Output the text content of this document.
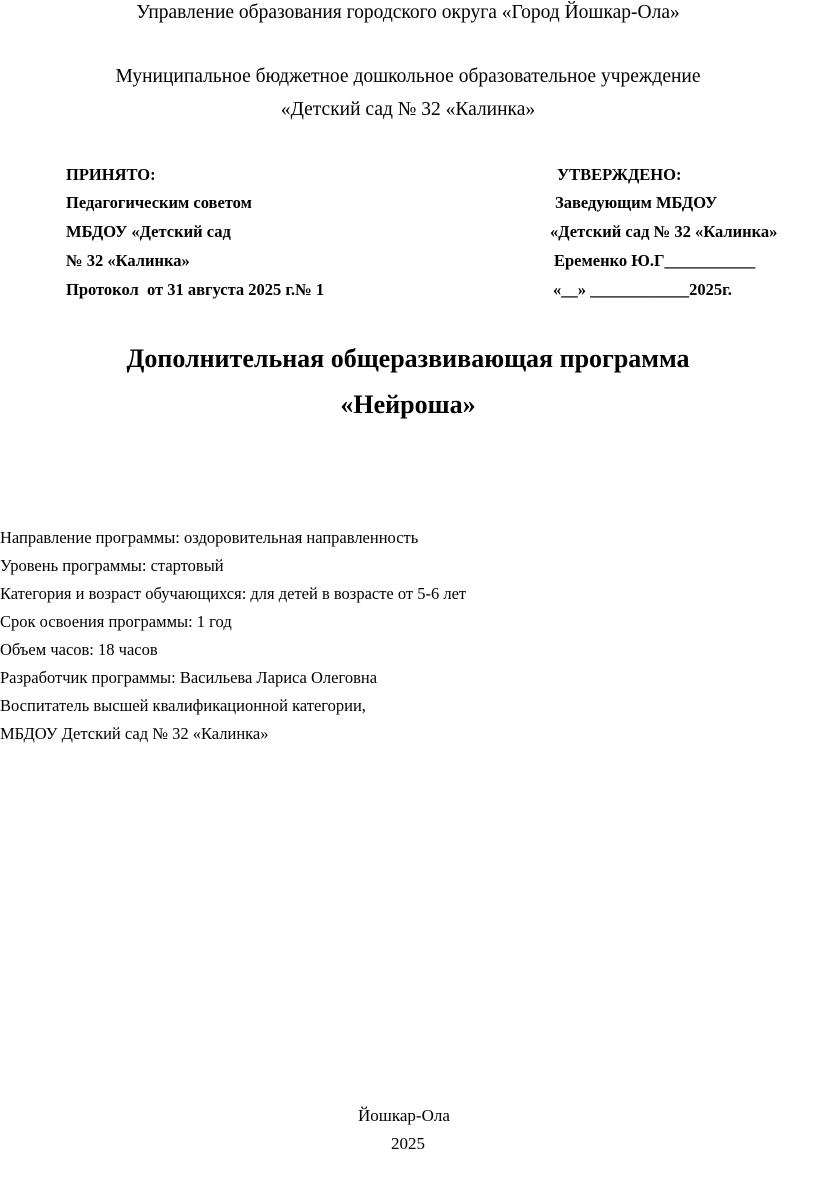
Управление образования городского округа «Город Йошкар-Ола»
Муниципальное бюджетное дошкольное образовательное учреждение
«Детский сад № 32 «Калинка»
ПРИНЯТО:
Педагогическим советом
МБДОУ «Детский сад
№ 32 «Калинка»
Протокол  от 31 августа 2025 г.№ 1
УТВЕРЖДЕНО:
Заведующим МБДОУ
«Детский сад № 32 «Калинка»
Еременко Ю.Г___________
«__» ____________2025г.
Дополнительная общеразвивающая программа
«Нейроша»
Направление программы: оздоровительная направленность
Уровень программы: стартовый
Категория и возраст обучающихся: для детей в возрасте от 5-6 лет
Срок освоения программы: 1 год
Объем часов: 18 часов
Разработчик программы: Васильева Лариса Олеговна
Воспитатель высшей квалификационной категории,
МБДОУ Детский сад № 32 «Калинка»
Йошкар-Ола
2025
